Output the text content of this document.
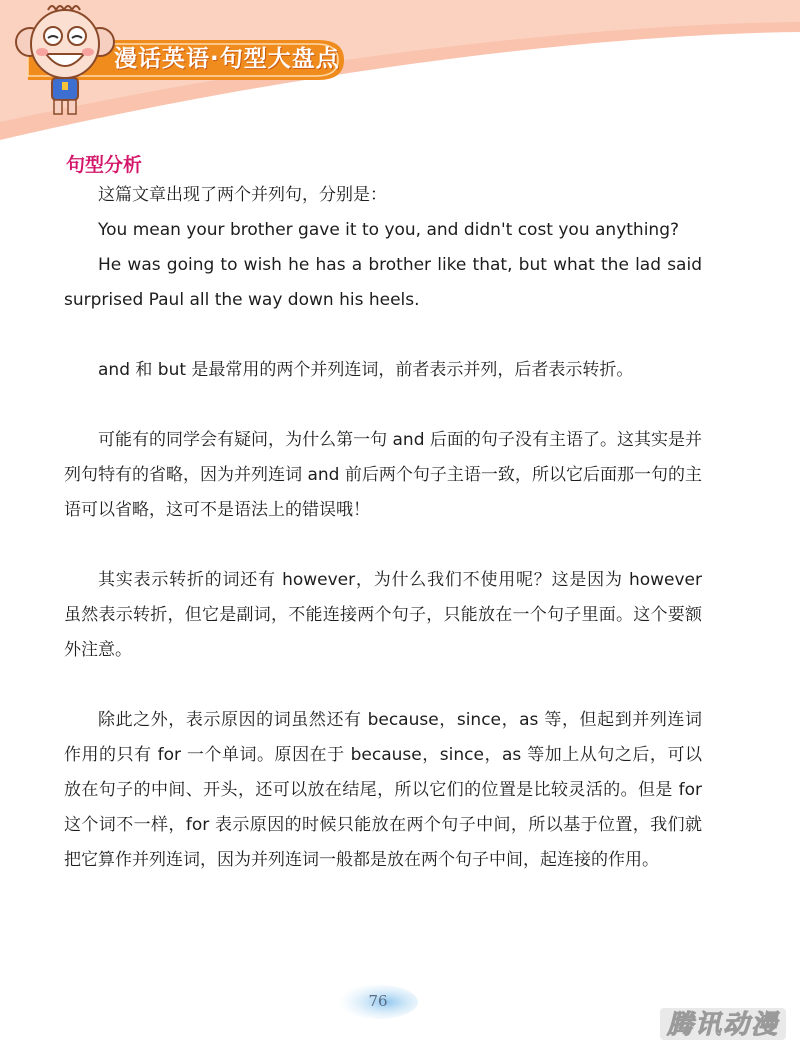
漫话英语·句型大盘点
句型分析

这篇文章出现了两个并列句，分别是：

You mean your brother gave it to you, and didn't cost you anything?

He was going to wish he has a brother like that, but what the lad said surprised Paul all the way down his heels.

and 和 but 是最常用的两个并列连词，前者表示并列，后者表示转折。

可能有的同学会有疑问，为什么第一句 and 后面的句子没有主语了。这其实是并列句特有的省略，因为并列连词 and 前后两个句子主语一致，所以它后面那一句的主语可以省略，这可不是语法上的错误哦！

其实表示转折的词还有 however，为什么我们不使用呢？这是因为 however 虽然表示转折，但它是副词，不能连接两个句子，只能放在一个句子里面。这个要额外注意。

除此之外，表示原因的词虽然还有 because，since，as 等，但起到并列连词作用的只有 for 一个单词。原因在于 because，since，as 等加上从句之后，可以放在句子的中间、开头，还可以放在结尾，所以它们的位置是比较灵活的。但是 for 这个词不一样，for 表示原因的时候只能放在两个句子中间，所以基于位置，我们就把它算作并列连词，因为并列连词一般都是放在两个句子中间，起连接的作用。

76
腾讯动漫
